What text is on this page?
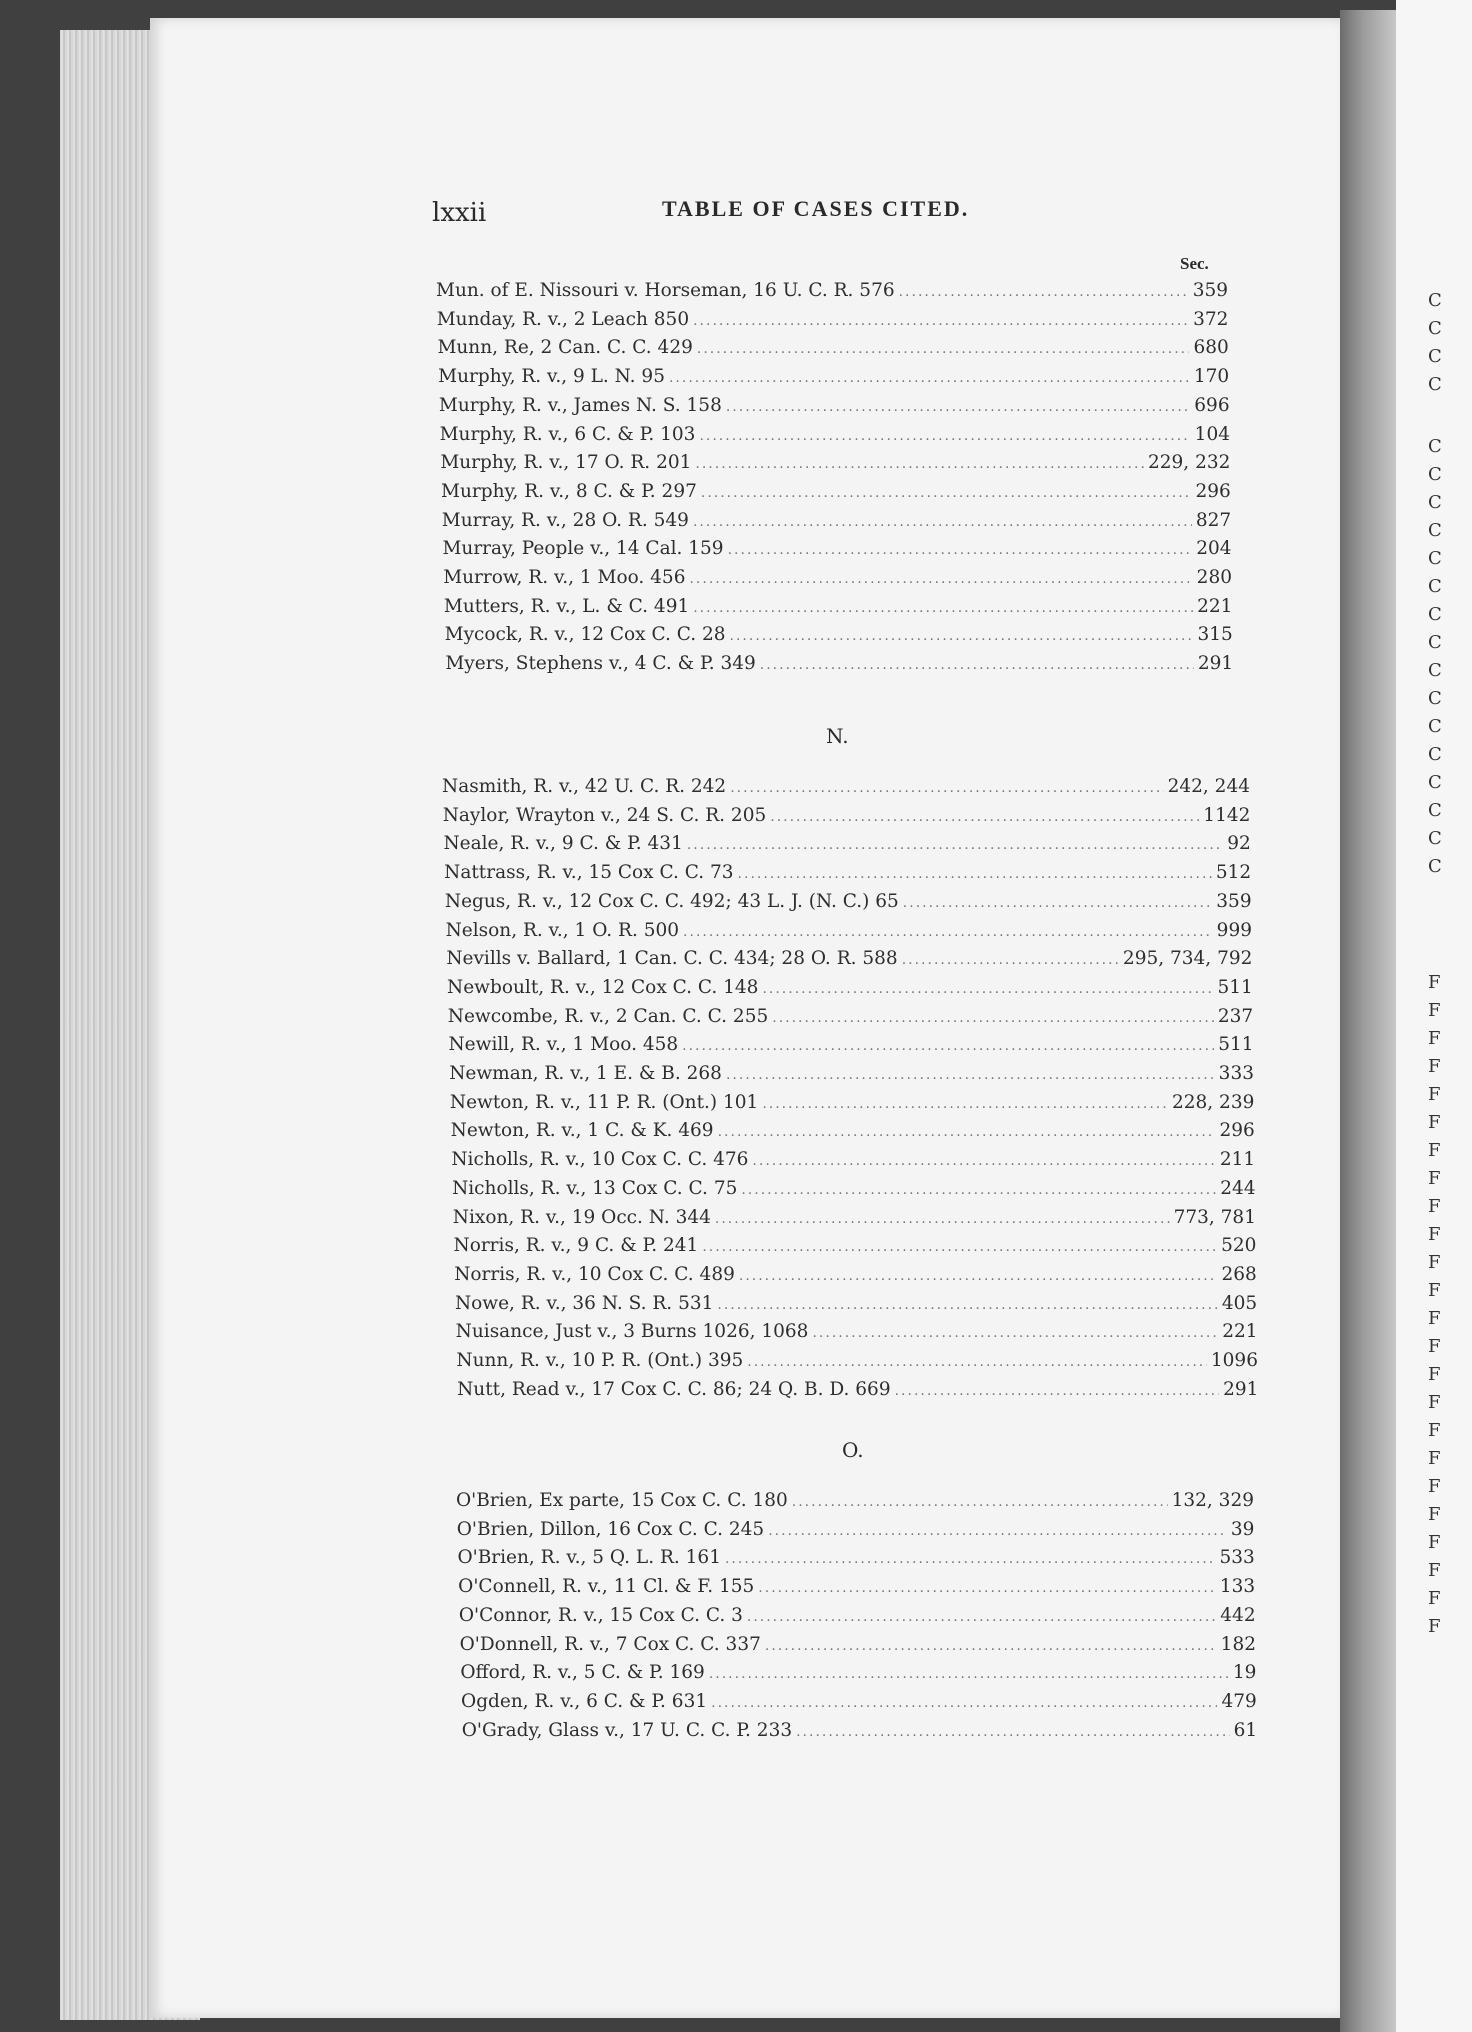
C
C
C
C
C
C
C
C
C
C
C
C
C
C
C
C
C
C
C
C
F
F
F
F
F
F
F
F
F
F
F
F
F
F
F
F
F
F
F
F
F
F
F
F
lxxii	TABLE OF CASES CITED.
Sec.
Mun. of E. Nissouri v. Horseman, 16 U. C. R. 576 .....	359
Munday, R. v., 2 Leach 850 .....	372
Munn, Re, 2 Can. C. C. 429 .....	680
Murphy, R. v., 9 L. N. 95 .....	170
Murphy, R. v., James N. S. 158 .....	696
Murphy, R. v., 6 C. & P. 103 .....	104
Murphy, R. v., 17 O. R. 201 .....	229, 232
Murphy, R. v., 8 C. & P. 297 .....	296
Murray, R. v., 28 O. R. 549 .....	827
Murray, People v., 14 Cal. 159 .....	204
Murrow, R. v., 1 Moo. 456 .....	280
Mutters, R. v., L. & C. 491 .....	221
Mycock, R. v., 12 Cox C. C. 28 .....	315
Myers, Stephens v., 4 C. & P. 349 .....	291
N.
Nasmith, R. v., 42 U. C. R. 242 .....	242, 244
Naylor, Wrayton v., 24 S. C. R. 205 .....	1142
Neale, R. v., 9 C. & P. 431 .....	92
Nattrass, R. v., 15 Cox C. C. 73 .....	512
Negus, R. v., 12 Cox C. C. 492; 43 L. J. (N. C.) 65 .....	359
Nelson, R. v., 1 O. R. 500 .....	999
Nevills v. Ballard, 1 Can. C. C. 434; 28 O. R. 588 .....	295, 734, 792
Newboult, R. v., 12 Cox C. C. 148 .....	511
Newcombe, R. v., 2 Can. C. C. 255 .....	237
Newill, R. v., 1 Moo. 458 .....	511
Newman, R. v., 1 E. & B. 268 .....	333
Newton, R. v., 11 P. R. (Ont.) 101 .....	228, 239
Newton, R. v., 1 C. & K. 469 .....	296
Nicholls, R. v., 10 Cox C. C. 476 .....	211
Nicholls, R. v., 13 Cox C. C. 75 .....	244
Nixon, R. v., 19 Occ. N. 344 .....	773, 781
Norris, R. v., 9 C. & P. 241 .....	520
Norris, R. v., 10 Cox C. C. 489 .....	268
Nowe, R. v., 36 N. S. R. 531 .....	405
Nuisance, Just v., 3 Burns 1026, 1068 .....	221
Nunn, R. v., 10 P. R. (Ont.) 395 .....	1096
Nutt, Read v., 17 Cox C. C. 86; 24 Q. B. D. 669 .....	291
O.
O'Brien, Ex parte, 15 Cox C. C. 180 .....	132, 329
O'Brien, Dillon, 16 Cox C. C. 245 .....	39
O'Brien, R. v., 5 Q. L. R. 161 .....	533
O'Connell, R. v., 11 Cl. & F. 155 .....	133
O'Connor, R. v., 15 Cox C. C. 3 .....	442
O'Donnell, R. v., 7 Cox C. C. 337 .....	182
Offord, R. v., 5 C. & P. 169 .....	19
Ogden, R. v., 6 C. & P. 631 .....	479
O'Grady, Glass v., 17 U. C. C. P. 233 .....	61
